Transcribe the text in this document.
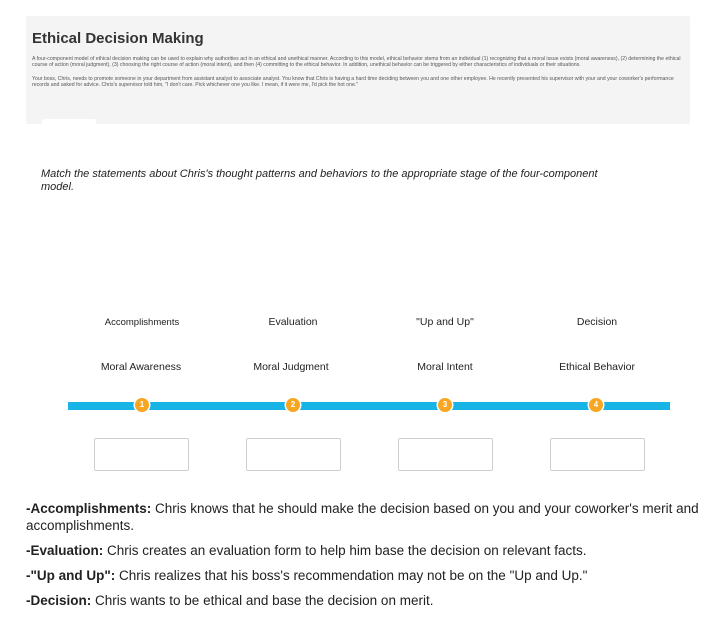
Ethical Decision Making

A four-component model of ethical decision making can be used to explain why authorities act in an ethical and unethical manner. According to this model, ethical behavior stems from an individual (1) recognizing that a moral issue exists (moral awareness), (2) determining the ethical course of action (moral judgment), (3) choosing the right course of action (moral intent), and then (4) committing to the ethical behavior. In addition, unethical behavior can be triggered by either characteristics of individuals or their situations.

Your boss, Chris, needs to promote someone in your department from assistant analyst to associate analyst. You know that Chris is having a hard time deciding between you and one other employee. He recently presented his supervisor with your and your coworker's performance records and asked for advice. Chris's supervisor told him, "I don't care. Pick whichever one you like. I mean, if it were me, I'd pick the hot one."

Match the statements about Chris's thought patterns and behaviors to the appropriate stage of the four-component model.
Accomplishments	Evaluation	"Up and Up"	Decision
Moral Awareness	Moral Judgment	Moral Intent	Ethical Behavior
1	2	3	4
-Accomplishments: Chris knows that he should make the decision based on you and your coworker's merit and accomplishments.
-Evaluation: Chris creates an evaluation form to help him base the decision on relevant facts.
-"Up and Up": Chris realizes that his boss's recommendation may not be on the "Up and Up."
-Decision: Chris wants to be ethical and base the decision on merit.
